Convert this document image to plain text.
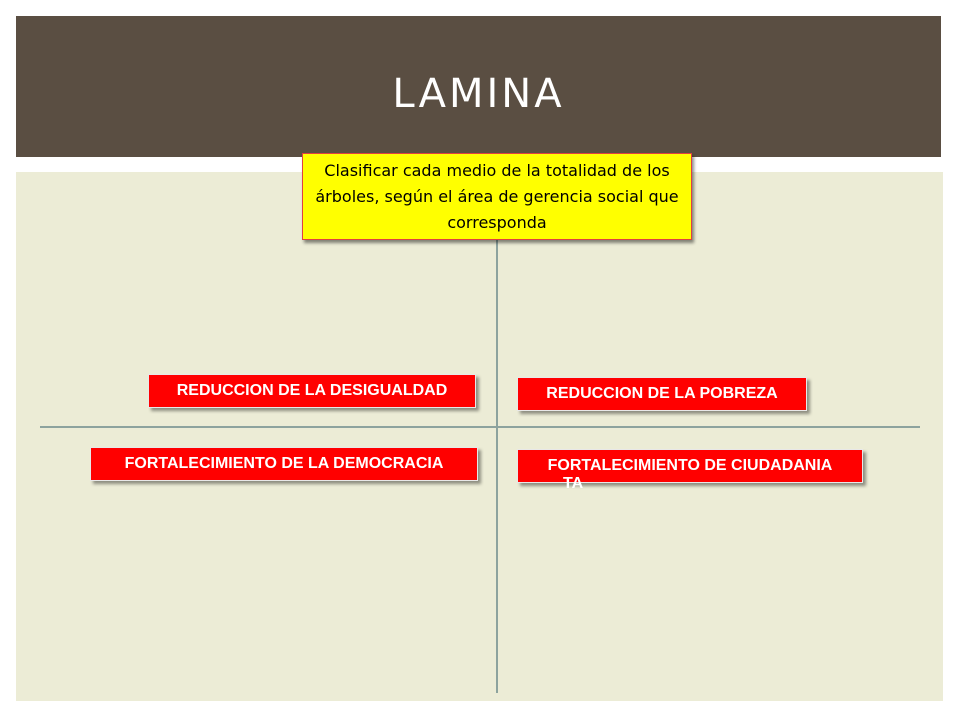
LAMINA
Clasificar cada medio de la totalidad de los árboles, según el área de gerencia social que corresponda
REDUCCION DE LA DESIGUALDAD	REDUCCION DE LA POBREZA
FORTALECIMIENTO DE LA DEMOCRACIA	FORTALECIMIENTO DE CIUDADANIA
TA
